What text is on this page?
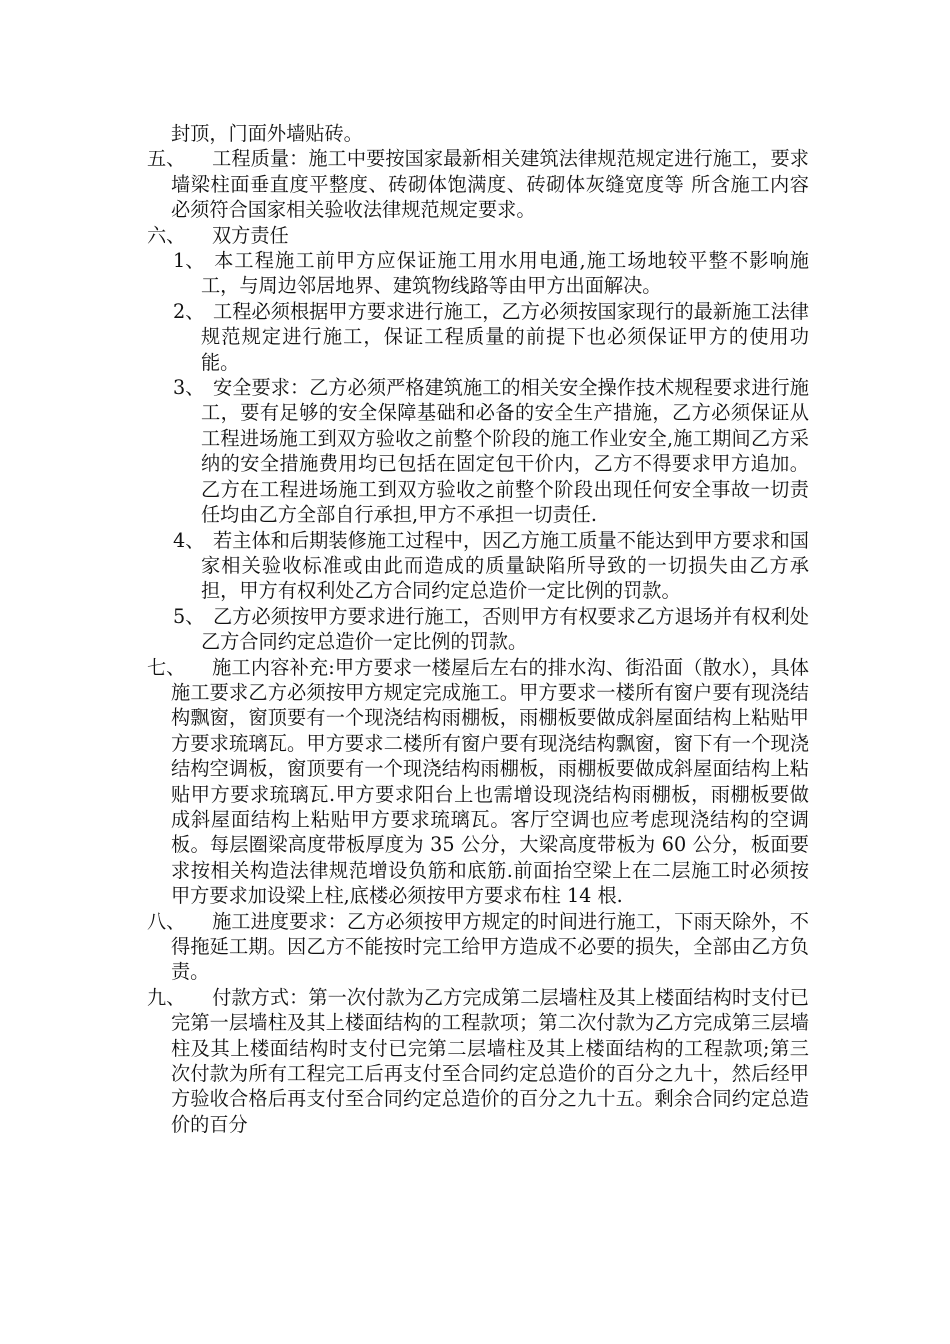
封顶，门面外墙贴砖。
五、 工程质量：施工中要按国家最新相关建筑法律规范规定进行施工，要求墙梁柱面垂直度平整度、砖砌体饱满度、砖砌体灰缝宽度等 所含施工内容必须符合国家相关验收法律规范规定要求。
六、 双方责任
1、 本工程施工前甲方应保证施工用水用电通,施工场地较平整不影响施工，与周边邻居地界、建筑物线路等由甲方出面解决。
2、 工程必须根据甲方要求进行施工，乙方必须按国家现行的最新施工法律规范规定进行施工，保证工程质量的前提下也必须保证甲方的使用功能。
3、 安全要求：乙方必须严格建筑施工的相关安全操作技术规程要求进行施工，要有足够的安全保障基础和必备的安全生产措施，乙方必须保证从工程进场施工到双方验收之前整个阶段的施工作业安全,施工期间乙方采纳的安全措施费用均已包括在固定包干价内，乙方不得要求甲方追加。乙方在工程进场施工到双方验收之前整个阶段出现任何安全事故一切责任均由乙方全部自行承担,甲方不承担一切责任.
4、 若主体和后期装修施工过程中，因乙方施工质量不能达到甲方要求和国家相关验收标准或由此而造成的质量缺陷所导致的一切损失由乙方承担，甲方有权利处乙方合同约定总造价一定比例的罚款。
5、 乙方必须按甲方要求进行施工，否则甲方有权要求乙方退场并有权利处乙方合同约定总造价一定比例的罚款。
七、 施工内容补充:甲方要求一楼屋后左右的排水沟、街沿面（散水），具体施工要求乙方必须按甲方规定完成施工。甲方要求一楼所有窗户要有现浇结构飘窗，窗顶要有一个现浇结构雨棚板，雨棚板要做成斜屋面结构上粘贴甲方要求琉璃瓦。甲方要求二楼所有窗户要有现浇结构飘窗，窗下有一个现浇结构空调板，窗顶要有一个现浇结构雨棚板，雨棚板要做成斜屋面结构上粘贴甲方要求琉璃瓦.甲方要求阳台上也需增设现浇结构雨棚板，雨棚板要做成斜屋面结构上粘贴甲方要求琉璃瓦。客厅空调也应考虑现浇结构的空调板。每层圈梁高度带板厚度为 35 公分，大梁高度带板为 60 公分，板面要求按相关构造法律规范增设负筋和底筋.前面抬空梁上在二层施工时必须按甲方要求加设梁上柱,底楼必须按甲方要求布柱 14 根.
八、 施工进度要求：乙方必须按甲方规定的时间进行施工，下雨天除外，不得拖延工期。因乙方不能按时完工给甲方造成不必要的损失，全部由乙方负责。
九、 付款方式：第一次付款为乙方完成第二层墙柱及其上楼面结构时支付已完第一层墙柱及其上楼面结构的工程款项；第二次付款为乙方完成第三层墙柱及其上楼面结构时支付已完第二层墙柱及其上楼面结构的工程款项;第三次付款为所有工程完工后再支付至合同约定总造价的百分之九十，然后经甲方验收合格后再支付至合同约定总造价的百分之九十五。剩余合同约定总造价的百分
